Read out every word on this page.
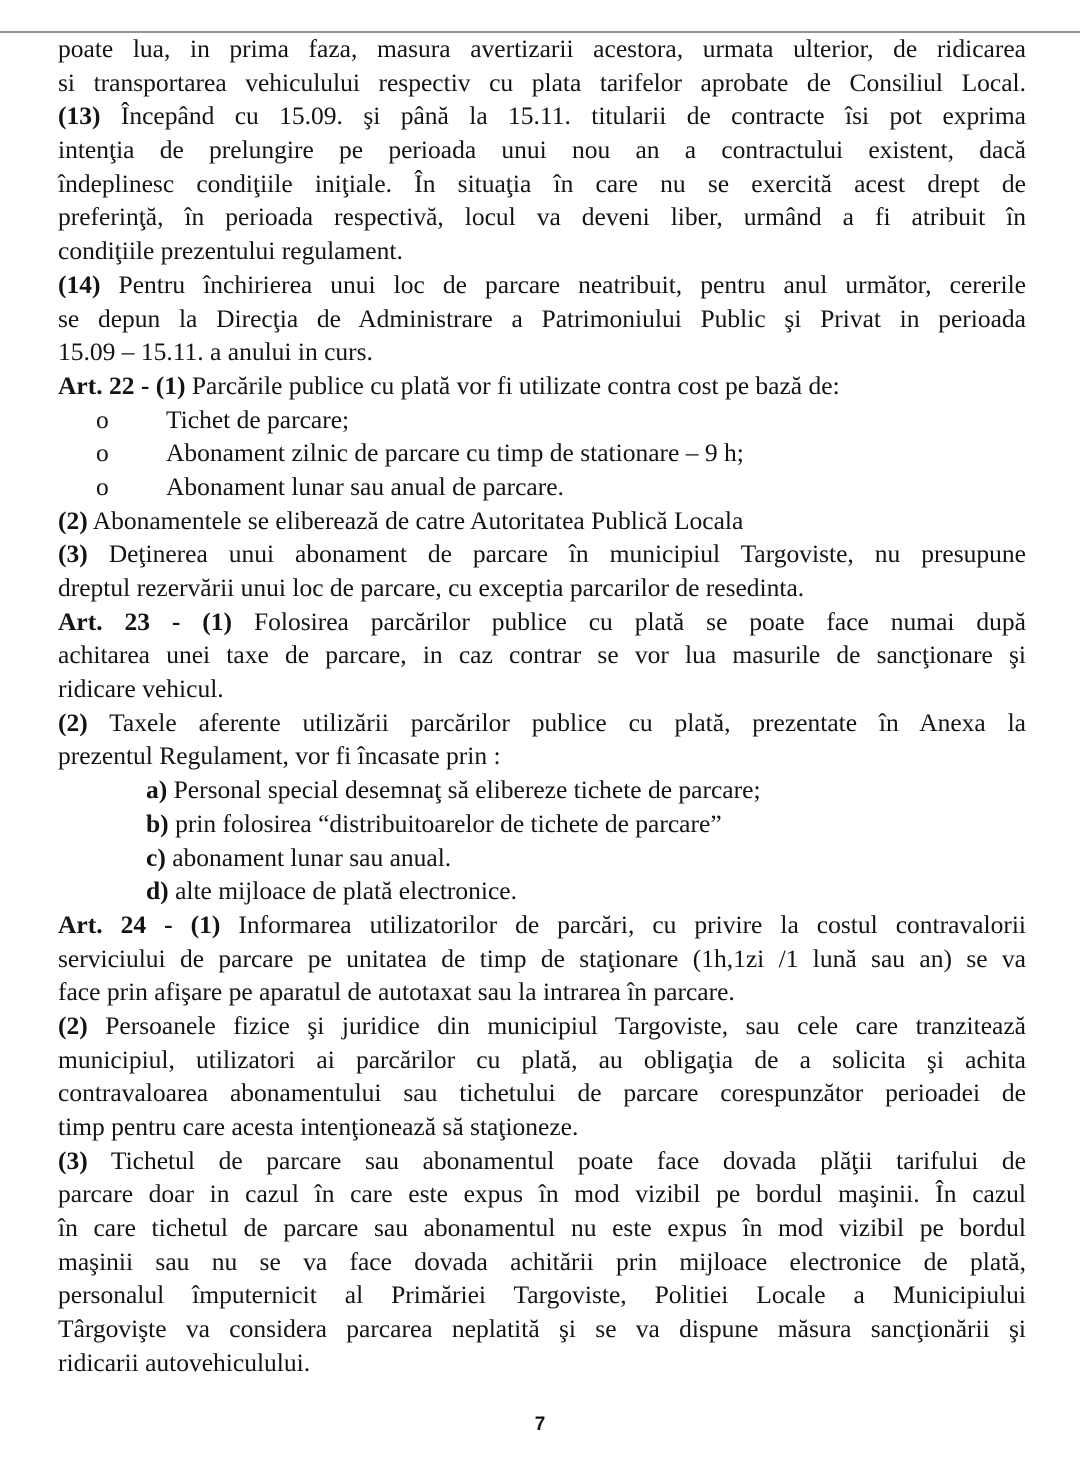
poate lua, in prima faza, masura avertizarii acestora, urmata ulterior, de ridicarea
si transportarea vehiculului respectiv cu plata tarifelor aprobate de Consiliul Local.
(13) Începând cu 15.09. şi până la 15.11. titularii de contracte îsi pot exprima
intenţia de prelungire pe perioada unui nou an a contractului existent, dacă
îndeplinesc condiţiile iniţiale. În situaţia în care nu se exercită acest drept de
preferinţă, în perioada respectivă, locul va deveni liber, urmând a fi atribuit în
condiţiile prezentului regulament.
(14) Pentru închirierea unui loc de parcare neatribuit, pentru anul următor, cererile
se depun la Direcţia de Administrare a Patrimoniului Public şi Privat in perioada
15.09 – 15.11. a anului in curs.
Art. 22 - (1) Parcările publice cu plată vor fi utilizate contra cost pe bază de:
o Tichet de parcare;
o Abonament zilnic de parcare cu timp de stationare – 9 h;
o Abonament lunar sau anual de parcare.
(2) Abonamentele se eliberează de catre Autoritatea Publică Locala
(3) Deţinerea unui abonament de parcare în municipiul Targoviste, nu presupune
dreptul rezervării unui loc de parcare, cu exceptia parcarilor de resedinta.
Art. 23 - (1) Folosirea parcărilor publice cu plată se poate face numai după
achitarea unei taxe de parcare, in caz contrar se vor lua masurile de sancţionare şi
ridicare vehicul.
(2) Taxele aferente utilizării parcărilor publice cu plată, prezentate în Anexa la
prezentul Regulament, vor fi încasate prin :
a) Personal special desemnaţ să elibereze tichete de parcare;
b) prin folosirea “distribuitoarelor de tichete de parcare”
c) abonament lunar sau anual.
d) alte mijloace de plată electronice.
Art. 24 - (1) Informarea utilizatorilor de parcări, cu privire la costul contravalorii
serviciului de parcare pe unitatea de timp de staţionare (1h,1zi /1 lună sau an) se va
face prin afişare pe aparatul de autotaxat sau la intrarea în parcare.
(2) Persoanele fizice şi juridice din municipiul Targoviste, sau cele care tranzitează
municipiul, utilizatori ai parcărilor cu plată, au obligaţia de a solicita şi achita
contravaloarea abonamentului sau tichetului de parcare corespunzător perioadei de
timp pentru care acesta intenţionează să staţioneze.
(3) Tichetul de parcare sau abonamentul poate face dovada plăţii tarifului de
parcare doar in cazul în care este expus în mod vizibil pe bordul maşinii. În cazul
în care tichetul de parcare sau abonamentul nu este expus în mod vizibil pe bordul
maşinii sau nu se va face dovada achitării prin mijloace electronice de plată,
personalul împuternicit al Primăriei Targoviste, Politiei Locale a Municipiului
Târgovişte va considera parcarea neplatită şi se va dispune măsura sancţionării şi
ridicarii autovehiculului.
7
